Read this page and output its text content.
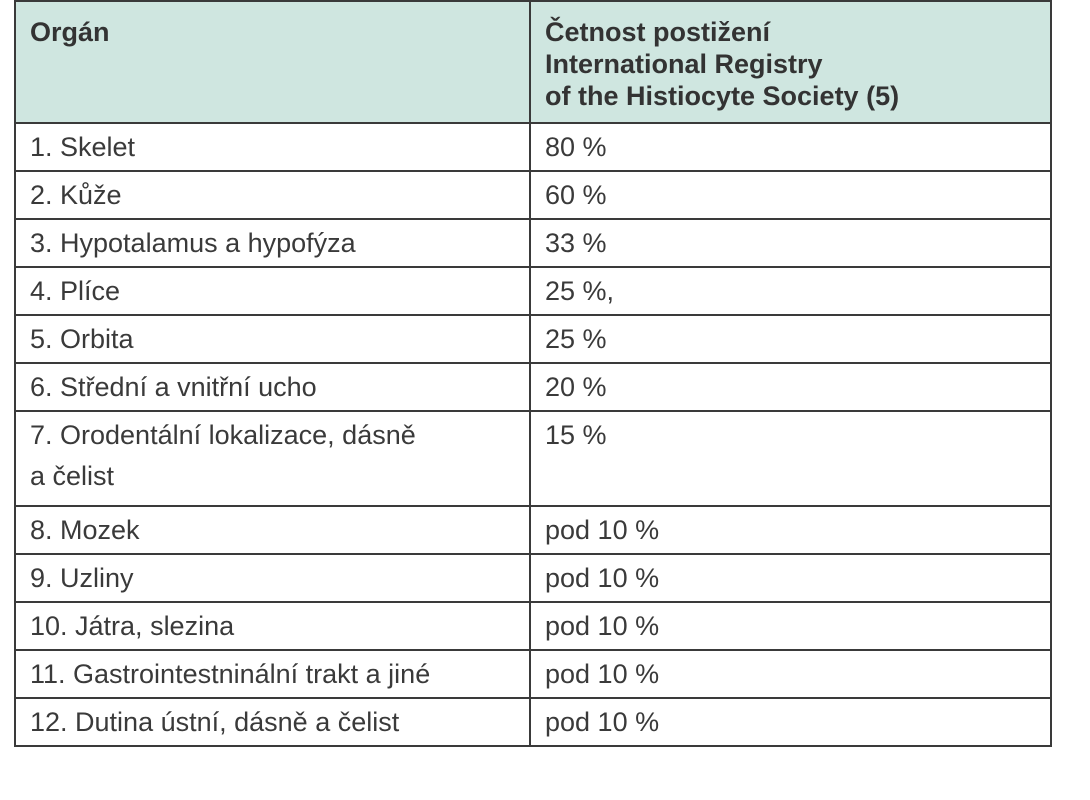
Orgán	Četnost postižení
International Registry
of the Histiocyte Society (5)

1. Skelet	80 %
2. Kůže	60 %
3. Hypotalamus a hypofýza	33 %
4. Plíce	25 %,
5. Orbita	25 %
6. Střední a vnitřní ucho	20 %
7. Orodentální lokalizace, dásně
a čelist	15 %
8. Mozek	pod 10 %
9. Uzliny	pod 10 %
10. Játra, slezina	pod 10 %
11. Gastrointestninální trakt a jiné	pod 10 %
12. Dutina ústní, dásně a čelist	pod 10 %
